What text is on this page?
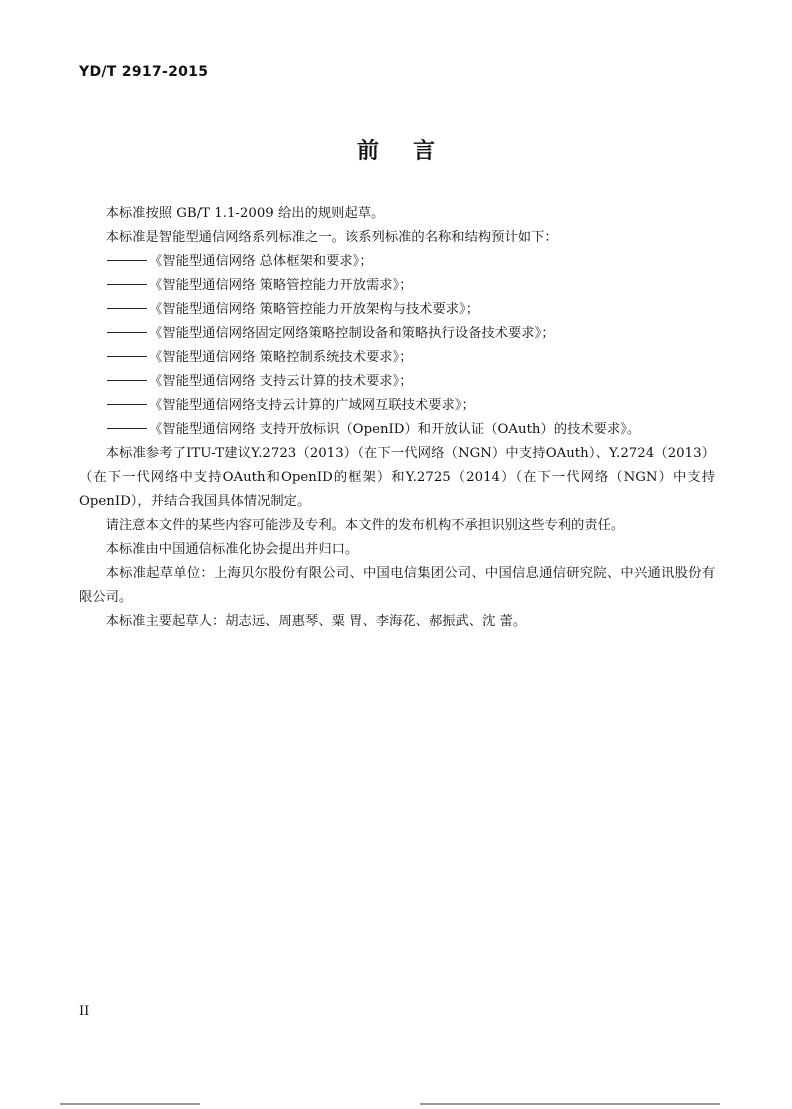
YD/T 2917-2015
前言

本标准按照 GB/T 1.1-2009 给出的规则起草。

本标准是智能型通信网络系列标准之一。该系列标准的名称和结构预计如下：

《智能型通信网络 总体框架和要求》；

《智能型通信网络 策略管控能力开放需求》；

《智能型通信网络 策略管控能力开放架构与技术要求》；

《智能型通信网络固定网络策略控制设备和策略执行设备技术要求》；

《智能型通信网络 策略控制系统技术要求》；

《智能型通信网络 支持云计算的技术要求》；

《智能型通信网络支持云计算的广域网互联技术要求》；

《智能型通信网络 支持开放标识（OpenID）和开放认证（OAuth）的技术要求》。

本标准参考了ITU-T建议Y.2723（2013）（在下一代网络（NGN）中支持OAuth）、Y.2724（2013）（在下一代网络中支持OAuth和OpenID的框架）和Y.2725（2014）（在下一代网络（NGN）中支持OpenID），并结合我国具体情况制定。

请注意本文件的某些内容可能涉及专利。本文件的发布机构不承担识别这些专利的责任。

本标准由中国通信标准化协会提出并归口。

本标准起草单位：上海贝尔股份有限公司、中国电信集团公司、中国信息通信研究院、中兴通讯股份有限公司。

本标准主要起草人：胡志远、周惠琴、粟 胃、李海花、郝振武、沈 蕾。

II
